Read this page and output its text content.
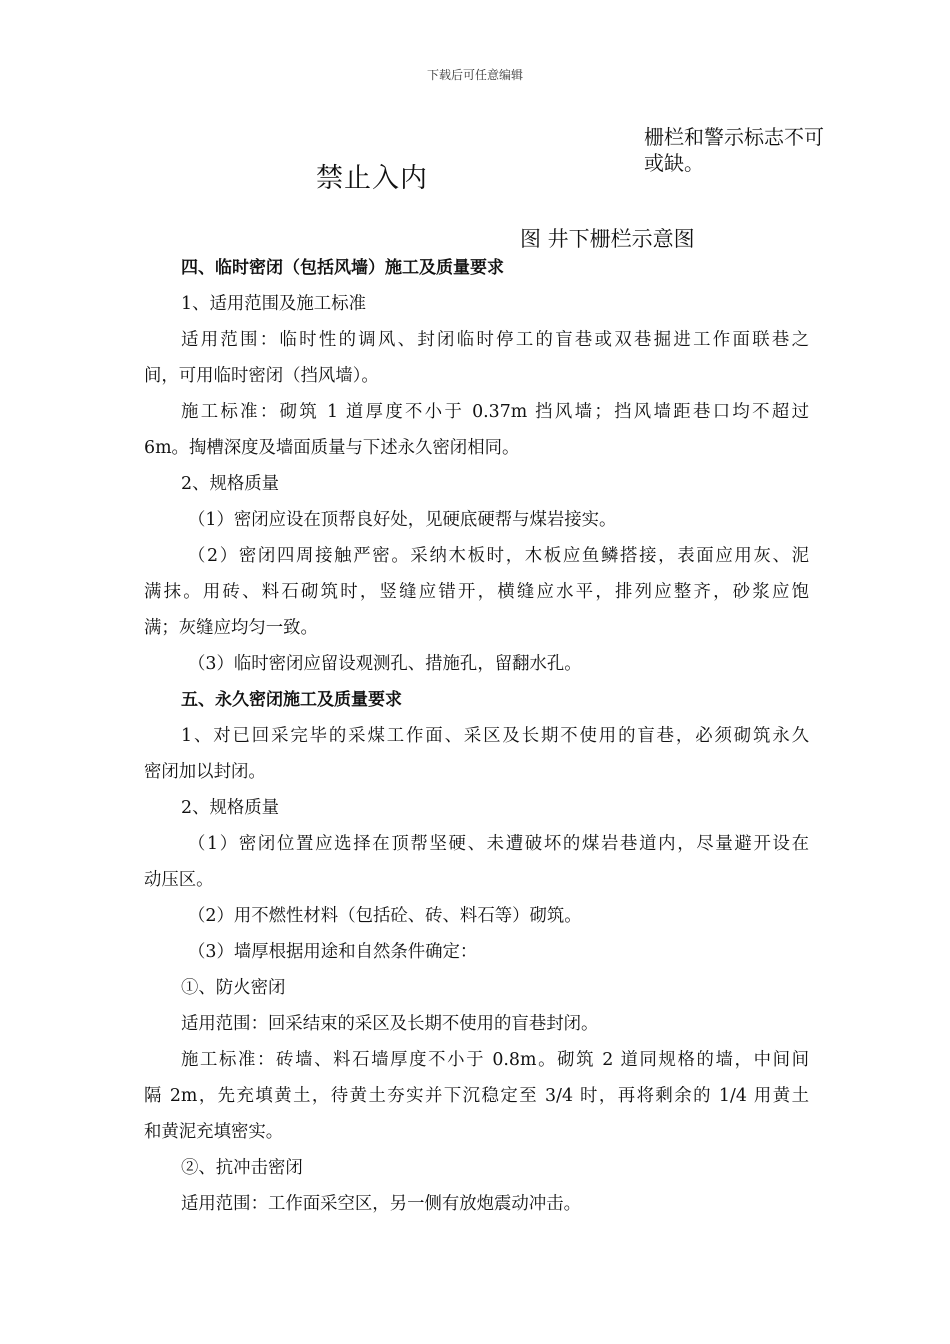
下载后可任意编辑
栅栏和警示标志不可
或缺。
禁止入内
图 井下栅栏示意图
四、临时密闭（包括风墙）施工及质量要求
1、适用范围及施工标准
适用范围：临时性的调风、封闭临时停工的盲巷或双巷掘进工作面联巷之
间，可用临时密闭（挡风墙）。
施工标准：砌筑 1 道厚度不小于 0.37m 挡风墙；挡风墙距巷口均不超过
6m。掏槽深度及墙面质量与下述永久密闭相同。
2、规格质量
（1）密闭应设在顶帮良好处，见硬底硬帮与煤岩接实。
（2）密闭四周接触严密。采纳木板时，木板应鱼鳞搭接，表面应用灰、泥
满抹。用砖、料石砌筑时，竖缝应错开，横缝应水平，排列应整齐，砂浆应饱
满；灰缝应均匀一致。
（3）临时密闭应留设观测孔、措施孔，留翻水孔。
五、永久密闭施工及质量要求
1、对已回采完毕的采煤工作面、采区及长期不使用的盲巷，必须砌筑永久
密闭加以封闭。
2、规格质量
（1）密闭位置应选择在顶帮坚硬、未遭破坏的煤岩巷道内，尽量避开设在
动压区。
（2）用不燃性材料（包括砼、砖、料石等）砌筑。
（3）墙厚根据用途和自然条件确定：
①、防火密闭
适用范围：回采结束的采区及长期不使用的盲巷封闭。
施工标准：砖墙、料石墙厚度不小于 0.8m。砌筑 2 道同规格的墙，中间间
隔 2m，先充填黄土，待黄土夯实并下沉稳定至 3/4 时，再将剩余的 1/4 用黄土
和黄泥充填密实。
②、抗冲击密闭
适用范围：工作面采空区，另一侧有放炮震动冲击。
